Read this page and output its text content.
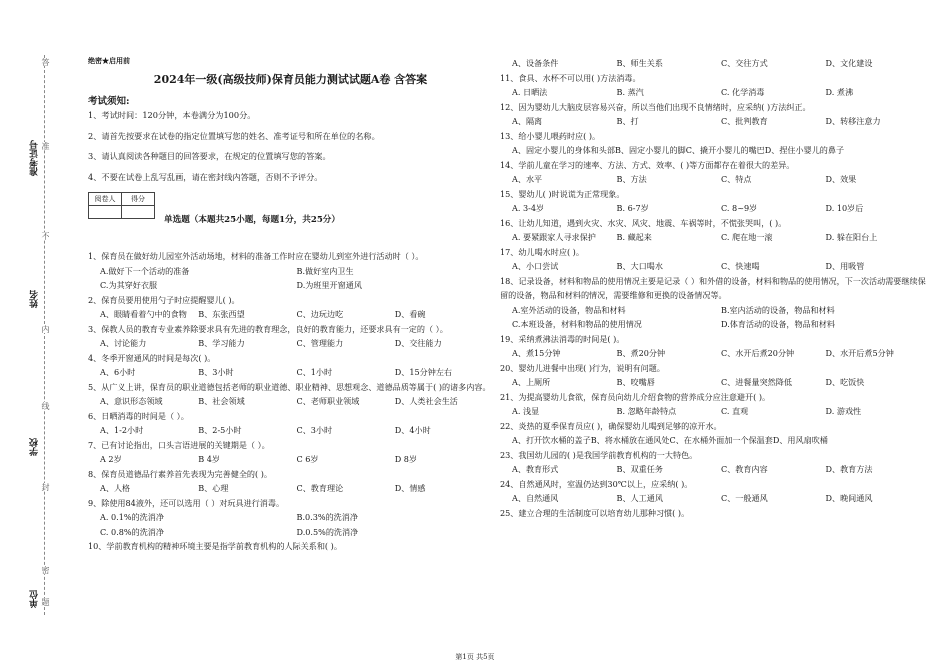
答
准
不
内
线
封
密
题
准考证号
姓名
学校
单位
绝密★启用前
2024年一级(高级技师)保育员能力测试试题A卷 含答案
考试须知:

1、考试时间：120分钟，本卷满分为100分。

2、请首先按要求在试卷的指定位置填写您的姓名、准考证号和所在单位的名称。

3、请认真阅读各种题目的回答要求，在规定的位置填写您的答案。

4、不要在试卷上乱写乱画，请在密封线内答题，否则不予评分。

阅卷人	得分

单选题（本题共25小题，每题1分，共25分）

1、保育员在做好幼儿园室外活动场地，材料的准备工作时应在婴幼儿到室外进行活动时（ ）。

A.做好下一个活动的准备	B.做好室内卫生
C.为其穿好衣服	D.为班里开窗通风

2、保育员要用使用勺子时应提醒婴儿( )。

A、眼睛看着勺中的食物	B、东张西望	C、边玩边吃	D、看碗

3、保教人员的教育专业素养除要求具有先进的教育理念，良好的教育能力，还要求具有一定的（ ）。

A、讨论能力	B、学习能力	C、管理能力	D、交往能力

4、冬季开窗通风的时间是每次( )。

A、6小时	B、3小时	C、1小时	D、15分钟左右

5、从广义上讲，保育员的职业道德包括老师的职业道德、职业精神、思想观念、道德品质等属于( )的诸多内容。

A、意识形态领域	B、社会领域	C、老师职业领域	D、人类社会生活

6、日晒消毒的时间是（ ）。

A、1-2小时	B、2-5小时	C、3小时	D、4小时

7、已有讨论指出，口头言语进展的关键期是（ ）。

A 2岁	B 4岁	C 6岁	D 8岁

8、保育员道德品行素养首先表现为完善健全的( )。

A、人格	B、心理	C、教育理论	D、情感

9、除使用84液外，还可以选用（ ）对玩具进行消毒。

A. 0.1%的洗消净	B.0.3%的洗消净
C. 0.8%的洗消净	D.0.5%的洗消净

10、学前教育机构的精神环境主要是指学前教育机构的人际关系和( )。

A、设备条件	B、师生关系	C、交往方式	D、文化建设

11、食具、水杯不可以用( )方法消毒。

A. 日晒法	B. 蒸汽	C. 化学消毒	D. 煮沸

12、因为婴幼儿大脑皮层容易兴奋，所以当他们出现不良情绪时，应采纳( )方法纠正。

A、隔离	B、打	C、批判教育	D、转移注意力

13、给小婴儿喂药时应( )。

A、固定小婴儿的身体和头部 B、固定小婴儿的脚 C、撬开小婴儿的嘴巴 D、捏住小婴儿的鼻子

14、学前儿童在学习的速率、方法、方式、效率、( )等方面都存在着很大的差异。

A、水平	B、方法	C、特点	D、效果

15、婴幼儿( )时说谎为正常现象。

A. 3-4岁	B. 6-7岁	C. 8~9岁	D. 10岁后

16、让幼儿知道，遇到火灾、水灾、风灾、地震、车祸等时，不慌张哭叫，( )。

A. 要紧跟家人寻求保护	B. 藏起来	C. 爬在地一滚	D. 躲在阳台上

17、幼儿喝水时应( )。

A、小口尝试	B、大口喝水	C、快速喝	D、用吸管

18、记录设备，材料和物品的使用情况主要是记录（ ）和外借的设备，材料和物品的使用情况，下一次活动需要继续保留的设备，物品和材料的情况，需要维修和更换的设备情况等。

A.室外活动的设备，物品和材料	B.室内活动的设备，物品和材料
C.本班设备，材料和物品的使用情况	D.体育活动的设备，物品和材料

19、采纳煮沸法消毒的时间是( )。

A、煮15分钟	B、煮20分钟	C、水开后煮20分钟	D、水开后煮5分钟

20、婴幼儿进餐中出现( )行为，说明有问题。

A、上厕所	B、咬嘴唇	C、进餐量突然降低	D、吃饭快

21、为提高婴幼儿食欲，保育员向幼儿介绍食物的营养成分应注意避开( )。

A. 浅显	B. 忽略年龄特点	C. 直观	D. 游戏性

22、炎热的夏季保育员应( )，确保婴幼儿喝到足够的凉开水。

A、打开饮水桶的盖子 B、将水桶放在通风处 C、在水桶外面加一个保温套 D、用风扇吹桶

23、我国幼儿园的( )是我国学前教育机构的一大特色。

A、教育形式	B、双重任务	C、教育内容	D、教育方法

24、自然通风时，室温仍达到30℃以上，应采纳( )。

A、自然通风	B、人工通风	C、一般通风	D、晚间通风

25、建立合理的生活制度可以培育幼儿那种习惯( )。

第1页 共5页
